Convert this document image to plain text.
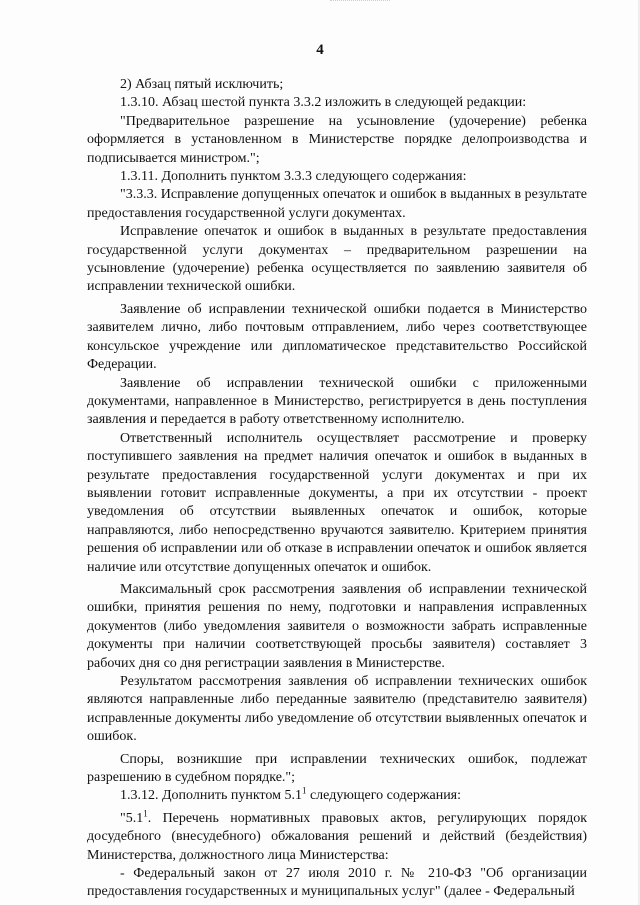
4

2) Абзац пятый исключить;

1.3.10. Абзац шестой пункта 3.3.2 изложить в следующей редакции:

"Предварительное разрешение на усыновление (удочерение) ребенка оформляется в установленном в Министерстве порядке делопроизводства и подписывается министром.";

1.3.11. Дополнить пунктом 3.3.3 следующего содержания:

"3.3.3. Исправление допущенных опечаток и ошибок в выданных в результате предоставления государственной услуги документах.

Исправление опечаток и ошибок в выданных в результате предоставления государственной услуги документах – предварительном разрешении на усыновление (удочерение) ребенка осуществляется по заявлению заявителя об исправлении технической ошибки.

Заявление об исправлении технической ошибки подается в Министерство заявителем лично, либо почтовым отправлением, либо через соответствующее консульское учреждение или дипломатическое представительство Российской Федерации.

Заявление об исправлении технической ошибки с приложенными документами, направленное в Министерство, регистрируется в день поступления заявления и передается в работу ответственному исполнителю.

Ответственный исполнитель осуществляет рассмотрение и проверку поступившего заявления на предмет наличия опечаток и ошибок в выданных в результате предоставления государственной услуги документах и при их выявлении готовит исправленные документы, а при их отсутствии - проект уведомления об отсутствии выявленных опечаток и ошибок, которые направляются, либо непосредственно вручаются заявителю. Критерием принятия решения об исправлении или об отказе в исправлении опечаток и ошибок является наличие или отсутствие допущенных опечаток и ошибок.

Максимальный срок рассмотрения заявления об исправлении технической ошибки, принятия решения по нему, подготовки и направления исправленных документов (либо уведомления заявителя о возможности забрать исправленные документы при наличии соответствующей просьбы заявителя) составляет 3 рабочих дня со дня регистрации заявления в Министерстве.

Результатом рассмотрения заявления об исправлении технических ошибок являются направленные либо переданные заявителю (представителю заявителя) исправленные документы либо уведомление об отсутствии выявленных опечаток и ошибок.

Споры, возникшие при исправлении технических ошибок, подлежат разрешению в судебном порядке.";

1.3.12. Дополнить пунктом $5.1^1$ следующего содержания:

"$5.1^1$. Перечень нормативных правовых актов, регулирующих порядок досудебного (внесудебного) обжалования решений и действий (бездействия) Министерства, должностного лица Министерства:

- Федеральный закон от 27 июля 2010 г. № 210-ФЗ "Об организации предоставления государственных и муниципальных услуг" (далее - Федеральный
